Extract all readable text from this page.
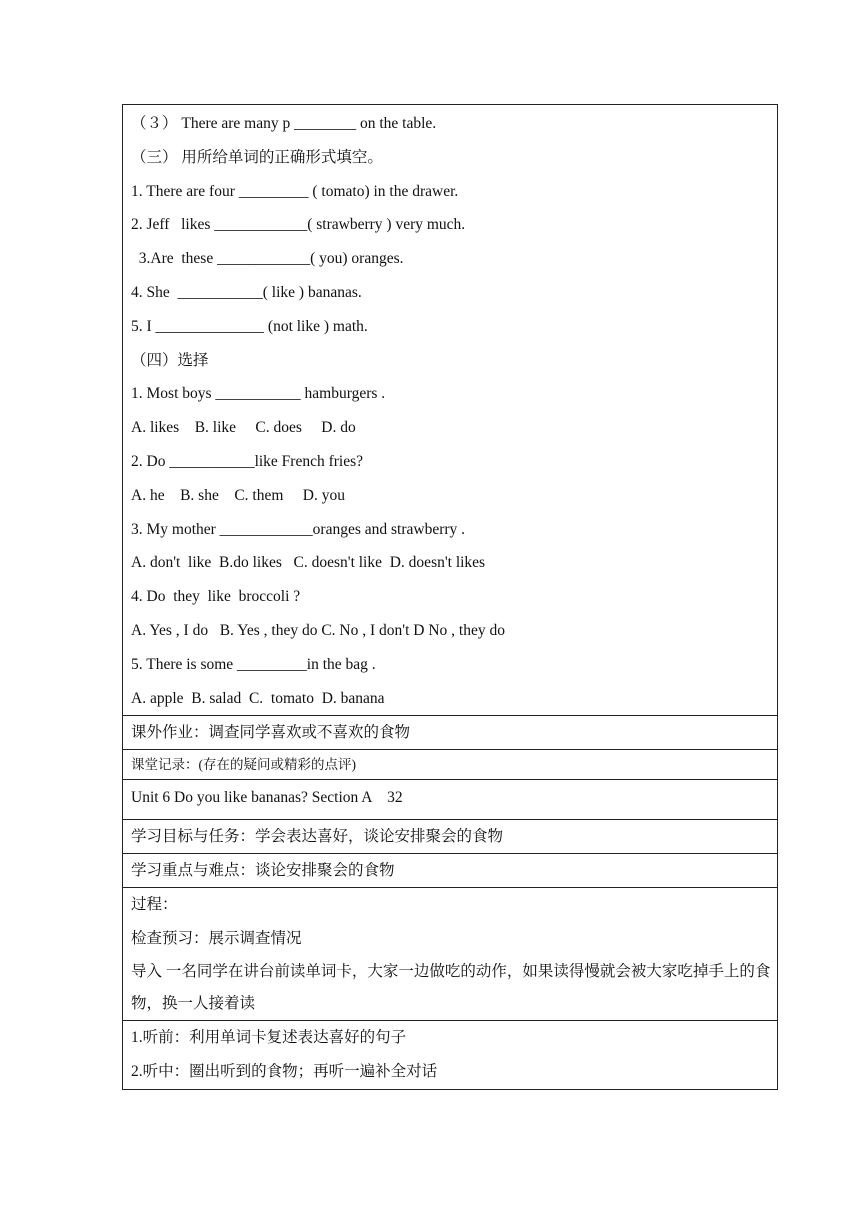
（３） There are many p ________ on the table.
（三） 用所给单词的正确形式填空。
1. There are four _________ ( tomato) in the drawer.
2. Jeff   likes ____________( strawberry ) very much.
3.Are  these ____________( you) oranges.
4. She  ___________( like ) bananas.
5. I ______________ (not like ) math.
（四）选择
1. Most boys ___________ hamburgers .
A. likes    B. like     C. does     D. do
2. Do ___________like French fries?
A. he    B. she    C. them     D. you
3. My mother ____________oranges and strawberry .
A. don't  like  B.do likes   C. doesn't like  D. doesn't likes
4. Do  they  like  broccoli ?
A. Yes , I do   B. Yes , they do C. No , I don't D No , they do
5. There is some _________in the bag .
A. apple  B. salad  C.  tomato  D. banana

课外作业：调查同学喜欢或不喜欢的食物

课堂记录：(存在的疑问或精彩的点评)

Unit 6 Do you like bananas? Section A    32

学习目标与任务：学会表达喜好，谈论安排聚会的食物

学习重点与难点：谈论安排聚会的食物

过程：
检查预习：展示调查情况
导入 一名同学在讲台前读单词卡，大家一边做吃的动作，如果读得慢就会被大家吃掉手上的食物，换一人接着读

1.听前：利用单词卡复述表达喜好的句子
2.听中：圈出听到的食物；再听一遍补全对话
